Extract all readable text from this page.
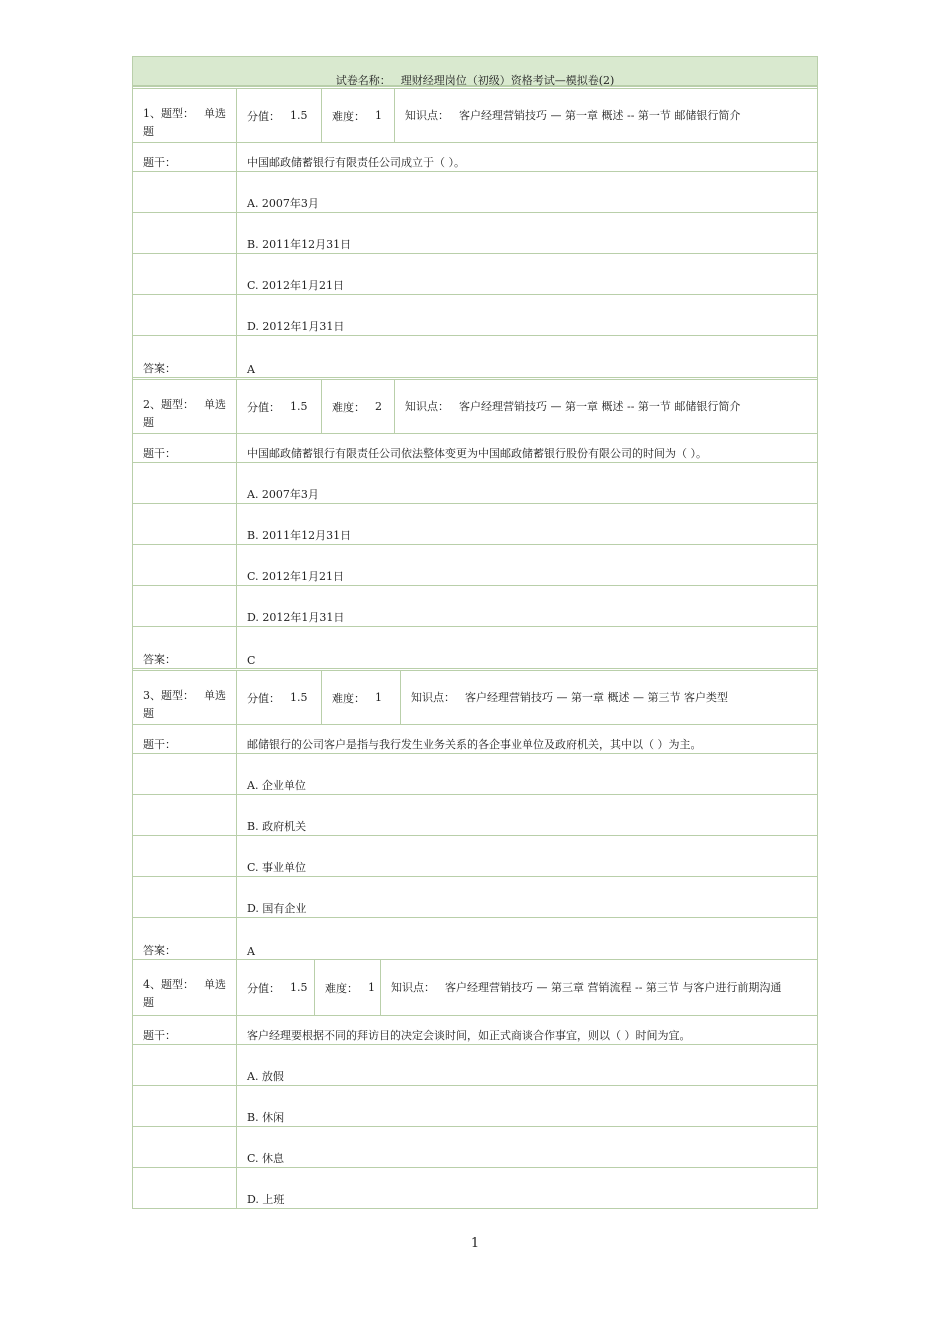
试卷名称： 理财经理岗位（初级）资格考试—模拟卷(2)
1、题型： 单选
题
分值： 1.5 难度： 1 知识点： 客户经理营销技巧 — 第一章 概述 -- 第一节 邮储银行简介
题干：	中国邮政储蓄银行有限责任公司成立于（ ）。
A. 2007年3月
B. 2011年12月31日
C. 2012年1月21日
D. 2012年1月31日
答案：	A
2、题型： 单选
题
分值： 1.5 难度： 2 知识点： 客户经理营销技巧 — 第一章 概述 -- 第一节 邮储银行简介
题干：	中国邮政储蓄银行有限责任公司依法整体变更为中国邮政储蓄银行股份有限公司的时间为（ ）。
A. 2007年3月
B. 2011年12月31日
C. 2012年1月21日
D. 2012年1月31日
答案：	C
3、题型： 单选
题
分值： 1.5 难度： 1	知识点： 客户经理营销技巧 — 第一章 概述 — 第三节 客户类型
题干：	邮储银行的公司客户是指与我行发生业务关系的各企事业单位及政府机关，其中以（ ）为主。
A. 企业单位
B. 政府机关
C. 事业单位
D. 国有企业
答案：	A
4、题型： 单选
题
分值： 1.5 难度： 1 知识点： 客户经理营销技巧 — 第三章 营销流程 -- 第三节 与客户进行前期沟通
题干：	客户经理要根据不同的拜访目的决定会谈时间，如正式商谈合作事宜，则以（ ）时间为宜。
A. 放假
B. 休闲
C. 休息
D. 上班
1
